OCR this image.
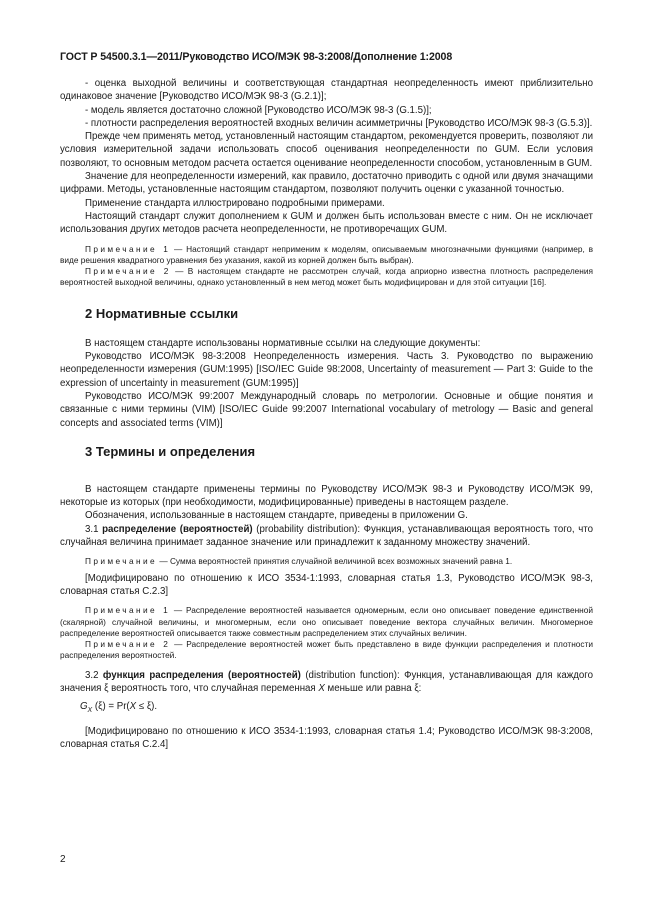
ГОСТ Р 54500.3.1—2011/Руководство ИСО/МЭК 98-3:2008/Дополнение 1:2008

- оценка выходной величины и соответствующая стандартная неопределенность имеют приблизительно одинаковое значение [Руководство ИСО/МЭК 98-3 (G.2.1)];

- модель является достаточно сложной [Руководство ИСО/МЭК 98-3 (G.1.5)];

- плотности распределения вероятностей входных величин асимметричны [Руководство ИСО/МЭК 98-3 (G.5.3)].

Прежде чем применять метод, установленный настоящим стандартом, рекомендуется проверить, позволяют ли условия измерительной задачи использовать способ оценивания неопределенности по GUM. Если условия позволяют, то основным методом расчета остается оценивание неопределенности способом, установленным в GUM.

Значение для неопределенности измерений, как правило, достаточно приводить с одной или двумя значащими цифрами. Методы, установленные настоящим стандартом, позволяют получить оценки с указанной точностью.

Применение стандарта иллюстрировано подробными примерами.

Настоящий стандарт служит дополнением к GUM и должен быть использован вместе с ним. Он не исключает использования других методов расчета неопределенности, не противоречащих GUM.

Примечание 1 — Настоящий стандарт неприменим к моделям, описываемым многозначными функциями (например, в виде решения квадратного уравнения без указания, какой из корней должен быть выбран).

Примечание 2 — В настоящем стандарте не рассмотрен случай, когда априорно известна плотность распределения вероятностей выходной величины, однако установленный в нем метод может быть модифицирован и для этой ситуации [16].

2 Нормативные ссылки

В настоящем стандарте использованы нормативные ссылки на следующие документы:

Руководство ИСО/МЭК 98-3:2008 Неопределенность измерения. Часть 3. Руководство по выражению неопределенности измерения (GUM:1995) [ISO/IEC Guide 98:2008, Uncertainty of measurement — Part 3: Guide to the expression of uncertainty in measurement (GUM:1995)]

Руководство ИСО/МЭК 99:2007 Международный словарь по метрологии. Основные и общие понятия и связанные с ними термины (VIM) [ISO/IEC Guide 99:2007 International vocabulary of metrology — Basic and general concepts and associated terms (VIM)]

3 Термины и определения

В настоящем стандарте применены термины по Руководству ИСО/МЭК 98-3 и Руководству ИСО/МЭК 99, некоторые из которых (при необходимости, модифицированные) приведены в настоящем разделе.

Обозначения, использованные в настоящем стандарте, приведены в приложении G.

3.1 распределение (вероятностей) (probability distribution): Функция, устанавливающая вероятность того, что случайная величина принимает заданное значение или принадлежит к заданному множеству значений.

Примечание — Сумма вероятностей принятия случайной величиной всех возможных значений равна 1.

[Модифицировано по отношению к ИСО 3534-1:1993, словарная статья 1.3, Руководство ИСО/МЭК 98-3, словарная статья С.2.3]

Примечание 1 — Распределение вероятностей называется одномерным, если оно описывает поведение единственной (скалярной) случайной величины, и многомерным, если оно описывает поведение вектора случайных величин. Многомерное распределение вероятностей описывается также совместным распределением этих случайных величин.

Примечание 2 — Распределение вероятностей может быть представлено в виде функции распределения и плотности распределения вероятностей.

3.2 функция распределения (вероятностей) (distribution function): Функция, устанавливающая для каждого значения ξ вероятность того, что случайная переменная X меньше или равна ξ:

$G_X$ (ξ) = Pr(X ≤ ξ).

[Модифицировано по отношению к ИСО 3534-1:1993, словарная статья 1.4; Руководство ИСО/МЭК 98-3:2008, словарная статья С.2.4]

2
